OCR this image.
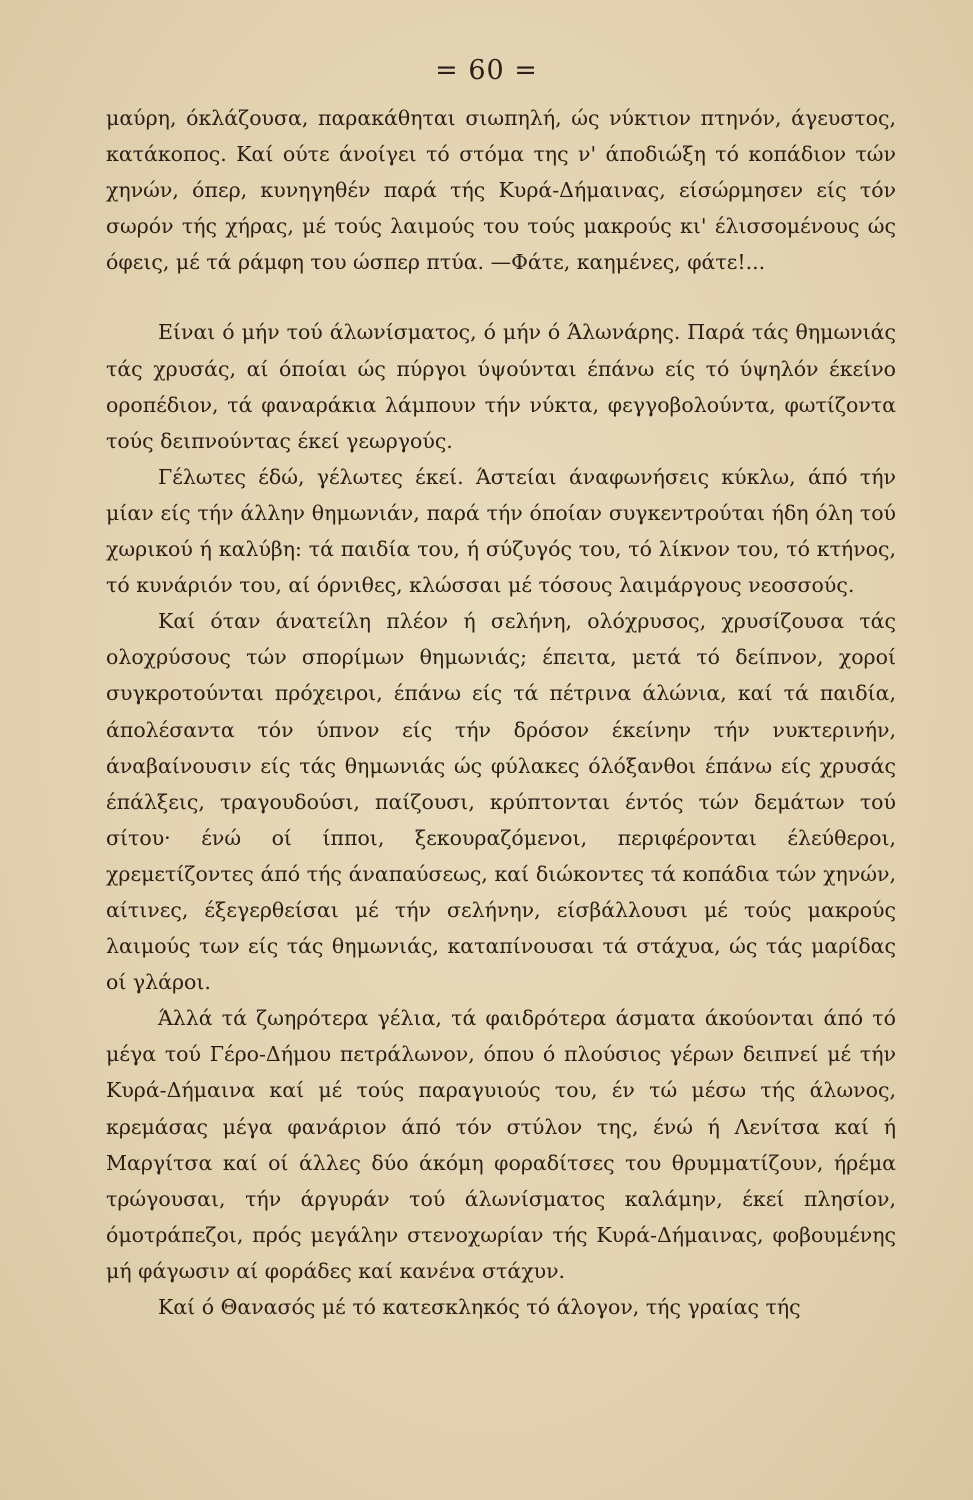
= 60 =

μαύρη, όκλάζουσα, παρακάθηται σιωπηλή, ώς νύκτιον πτηνόν, άγευστος, κατάκοπος. Καί ούτε άνοίγει τό στόμα της ν' άποδιώξη τό κοπάδιον τών χηνών, όπερ, κυνηγηθέν παρά τής Κυρά-Δήμαινας, είσώρμησεν είς τόν σωρόν τής χήρας, μέ τούς λαιμούς του τούς μακρούς κι' έλισσομένους ώς όφεις, μέ τά ράμφη του ώσπερ πτύα. —Φάτε, καημένες, φάτε!...

Είναι ό μήν τού άλωνίσματος, ό μήν ό Άλωνάρης. Παρά τάς θημωνιάς τάς χρυσάς, αί όποίαι ώς πύργοι ύψούνται έπάνω είς τό ύψηλόν έκείνο οροπέδιον, τά φαναράκια λάμπουν τήν νύκτα, φεγγοβολούντα, φωτίζοντα τούς δειπνούντας έκεί γεωργούς.

Γέλωτες έδώ, γέλωτες έκεί. Άστείαι άναφωνήσεις κύκλω, άπό τήν μίαν είς τήν άλλην θημωνιάν, παρά τήν όποίαν συγκεντρούται ήδη όλη τού χωρικού ή καλύβη: τά παιδία του, ή σύζυγός του, τό λίκνον του, τό κτήνος, τό κυνάριόν του, αί όρνιθες, κλώσσαι μέ τόσους λαιμάργους νεοσσούς.

Καί όταν άνατείλη πλέον ή σελήνη, ολόχρυσος, χρυσίζουσα τάς ολοχρύσους τών σπορίμων θημωνιάς; έπειτα, μετά τό δείπνον, χοροί συγκροτούνται πρόχειροι, έπάνω είς τά πέτρινα άλώνια, καί τά παιδία, άπολέσαντα τόν ύπνον είς τήν δρόσον έκείνην τήν νυκτερινήν, άναβαίνουσιν είς τάς θημωνιάς ώς φύλακες όλόξανθοι έπάνω είς χρυσάς έπάλξεις, τραγουδούσι, παίζουσι, κρύπτονται έντός τών δεμάτων τού σίτου· ένώ οί ίπποι, ξεκουραζόμενοι, περιφέρονται έλεύθεροι, χρεμετίζοντες άπό τής άναπαύσεως, καί διώκοντες τά κοπάδια τών χηνών, αίτινες, έξεγερθείσαι μέ τήν σελήνην, είσβάλλουσι μέ τούς μακρούς λαιμούς των είς τάς θημωνιάς, καταπίνουσαι τά στάχυα, ώς τάς μαρίδας οί γλάροι.

Άλλά τά ζωηρότερα γέλια, τά φαιδρότερα άσματα άκούονται άπό τό μέγα τού Γέρο-Δήμου πετράλωνον, όπου ό πλούσιος γέρων δειπνεί μέ τήν Κυρά-Δήμαινα καί μέ τούς παραγυιούς του, έν τώ μέσω τής άλωνος, κρεμάσας μέγα φανάριον άπό τόν στύλον της, ένώ ή Λενίτσα καί ή Μαργίτσα καί οί άλλες δύο άκόμη φοραδίτσες του θρυμματίζουν, ήρέμα τρώγουσαι, τήν άργυράν τού άλωνίσματος καλάμην, έκεί πλησίον, όμοτράπεζοι, πρός μεγάλην στενοχωρίαν τής Κυρά-Δήμαινας, φοβουμένης μή φάγωσιν αί φοράδες καί κανένα στάχυν.

Καί ό Θανασός μέ τό κατεσκληκός τό άλογον, τής γραίας τής
